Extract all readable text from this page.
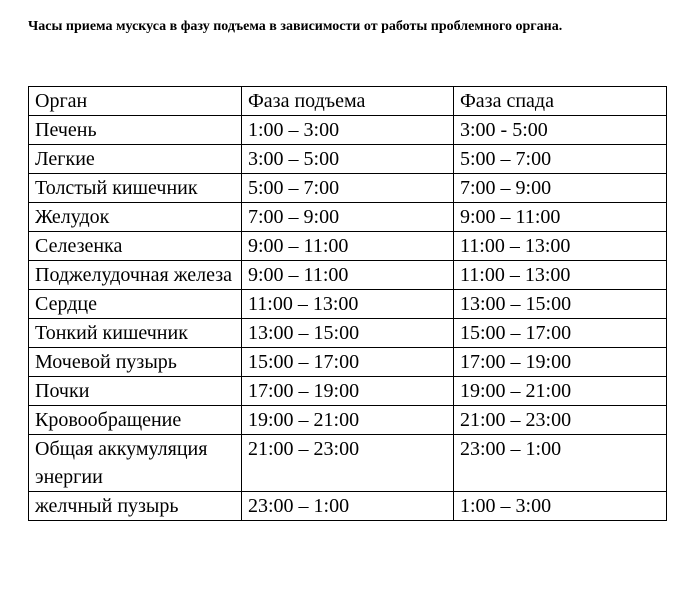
Часы приема мускуса в фазу подъема в зависимости от работы проблемного органа.
Орган	Фаза подъема	Фаза спада
Печень	1:00 – 3:00	3:00 - 5:00
Легкие	3:00 – 5:00	5:00 – 7:00
Толстый кишечник	5:00 – 7:00	7:00 – 9:00
Желудок	7:00 – 9:00	9:00 – 11:00
Селезенка	9:00 – 11:00	11:00 – 13:00
Поджелудочная железа	9:00 – 11:00	11:00 – 13:00
Сердце	11:00 – 13:00	13:00 – 15:00
Тонкий кишечник	13:00 – 15:00	15:00 – 17:00
Мочевой пузырь	15:00 – 17:00	17:00 – 19:00
Почки	17:00 – 19:00	19:00 – 21:00
Кровообращение	19:00 – 21:00	21:00 – 23:00
Общая аккумуляция энергии	21:00 – 23:00	23:00 – 1:00
желчный пузырь	23:00 – 1:00	1:00 – 3:00
